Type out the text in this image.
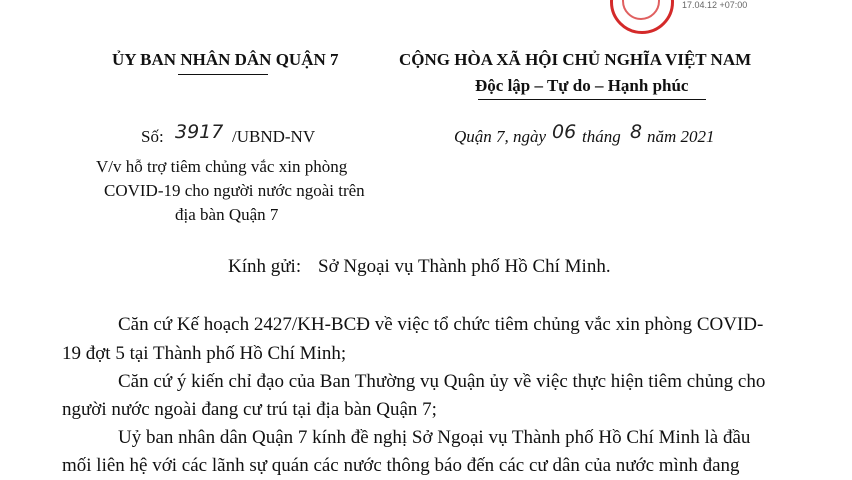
17.04.12 +07:00
ỦY BAN NHÂN DÂN QUẬN 7	CỘNG HÒA XÃ HỘI CHỦ NGHĨA VIỆT NAM
Độc lập – Tự do – Hạnh phúc
Số: 3917 /UBND-NV
V/v hỗ trợ tiêm chủng vắc xin phòng
COVID-19 cho người nước ngoài trên
địa bàn Quận 7
Quận 7, ngày 06 tháng 8 năm 2021
Kính gửi: Sở Ngoại vụ Thành phố Hồ Chí Minh.
Căn cứ Kế hoạch 2427/KH-BCĐ về việc tổ chức tiêm chủng vắc xin phòng COVID-
19 đợt 5 tại Thành phố Hồ Chí Minh;
Căn cứ ý kiến chỉ đạo của Ban Thường vụ Quận ủy về việc thực hiện tiêm chủng cho
người nước ngoài đang cư trú tại địa bàn Quận 7;
Uỷ ban nhân dân Quận 7 kính đề nghị Sở Ngoại vụ Thành phố Hồ Chí Minh là đầu
mối liên hệ với các lãnh sự quán các nước thông báo đến các cư dân của nước mình đang
